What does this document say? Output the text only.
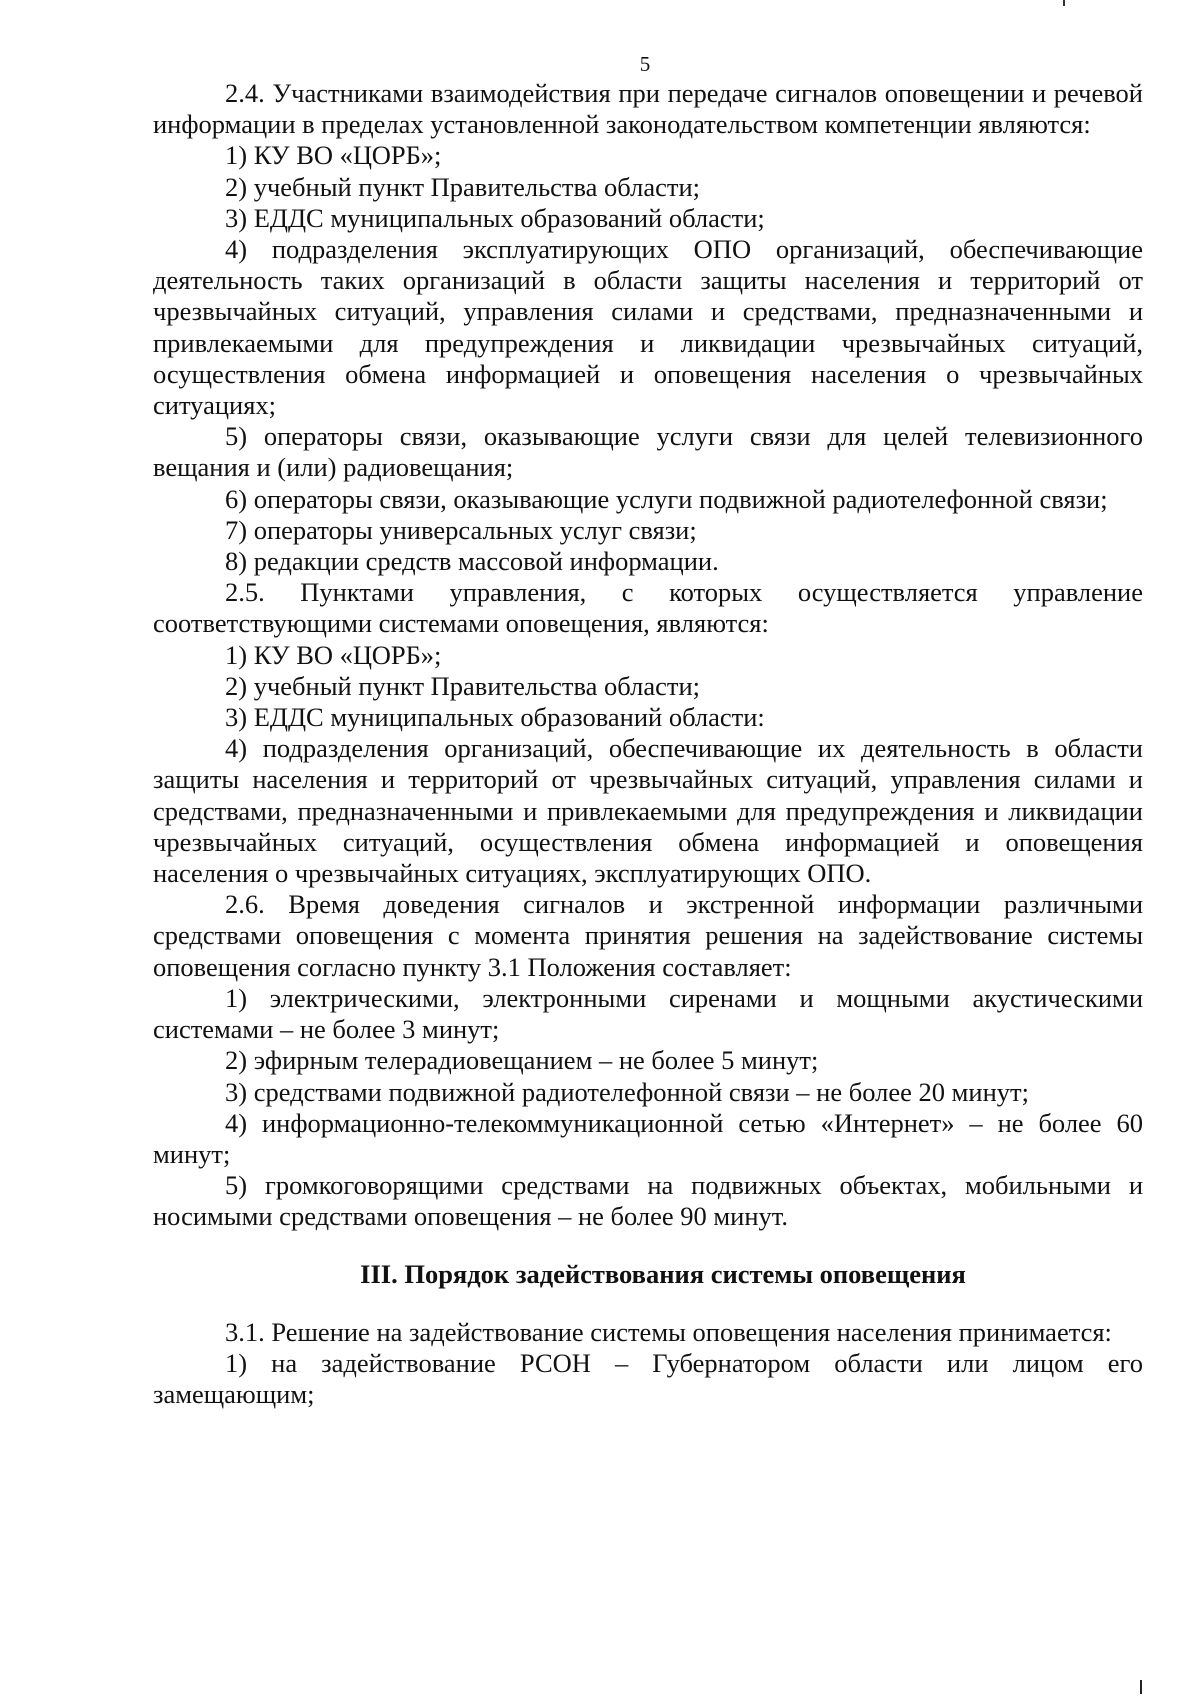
5

2.4. Участниками взаимодействия при передаче сигналов оповещении и речевой информации в пределах установленной законодательством компетенции являются:

1) КУ ВО «ЦОРБ»;

2) учебный пункт Правительства области;

3) ЕДДС муниципальных образований области;

4) подразделения эксплуатирующих ОПО организаций, обеспечивающие деятельность таких организаций в области защиты населения и территорий от чрезвычайных ситуаций, управления силами и средствами, предназначенными и привлекаемыми для предупреждения и ликвидации чрезвычайных ситуаций, осуществления обмена информацией и оповещения населения о чрезвычайных ситуациях;

5) операторы связи, оказывающие услуги связи для целей телевизионного вещания и (или) радиовещания;

6) операторы связи, оказывающие услуги подвижной радиотелефонной связи;

7) операторы универсальных услуг связи;

8) редакции средств массовой информации.

2.5. Пунктами управления, с которых осуществляется управление соответствующими системами оповещения, являются:

1) КУ ВО «ЦОРБ»;

2) учебный пункт Правительства области;

3) ЕДДС муниципальных образований области:

4) подразделения организаций, обеспечивающие их деятельность в области защиты населения и территорий от чрезвычайных ситуаций, управления силами и средствами, предназначенными и привлекаемыми для предупреждения и ликвидации чрезвычайных ситуаций, осуществления обмена информацией и оповещения населения о чрезвычайных ситуациях, эксплуатирующих ОПО.

2.6. Время доведения сигналов и экстренной информации различными средствами оповещения с момента принятия решения на задействование системы оповещения согласно пункту 3.1 Положения составляет:

1) электрическими, электронными сиренами и мощными акустическими системами – не более 3 минут;

2) эфирным телерадиовещанием – не более 5 минут;

3) средствами подвижной радиотелефонной связи – не более 20 минут;

4) информационно-телекоммуникационной сетью «Интернет» – не более 60 минут;

5) громкоговорящими средствами на подвижных объектах, мобильными и носимыми средствами оповещения – не более 90 минут.

III. Порядок задействования системы оповещения

3.1. Решение на задействование системы оповещения населения принимается:

1) на задействование РСОН – Губернатором области или лицом его замещающим;
